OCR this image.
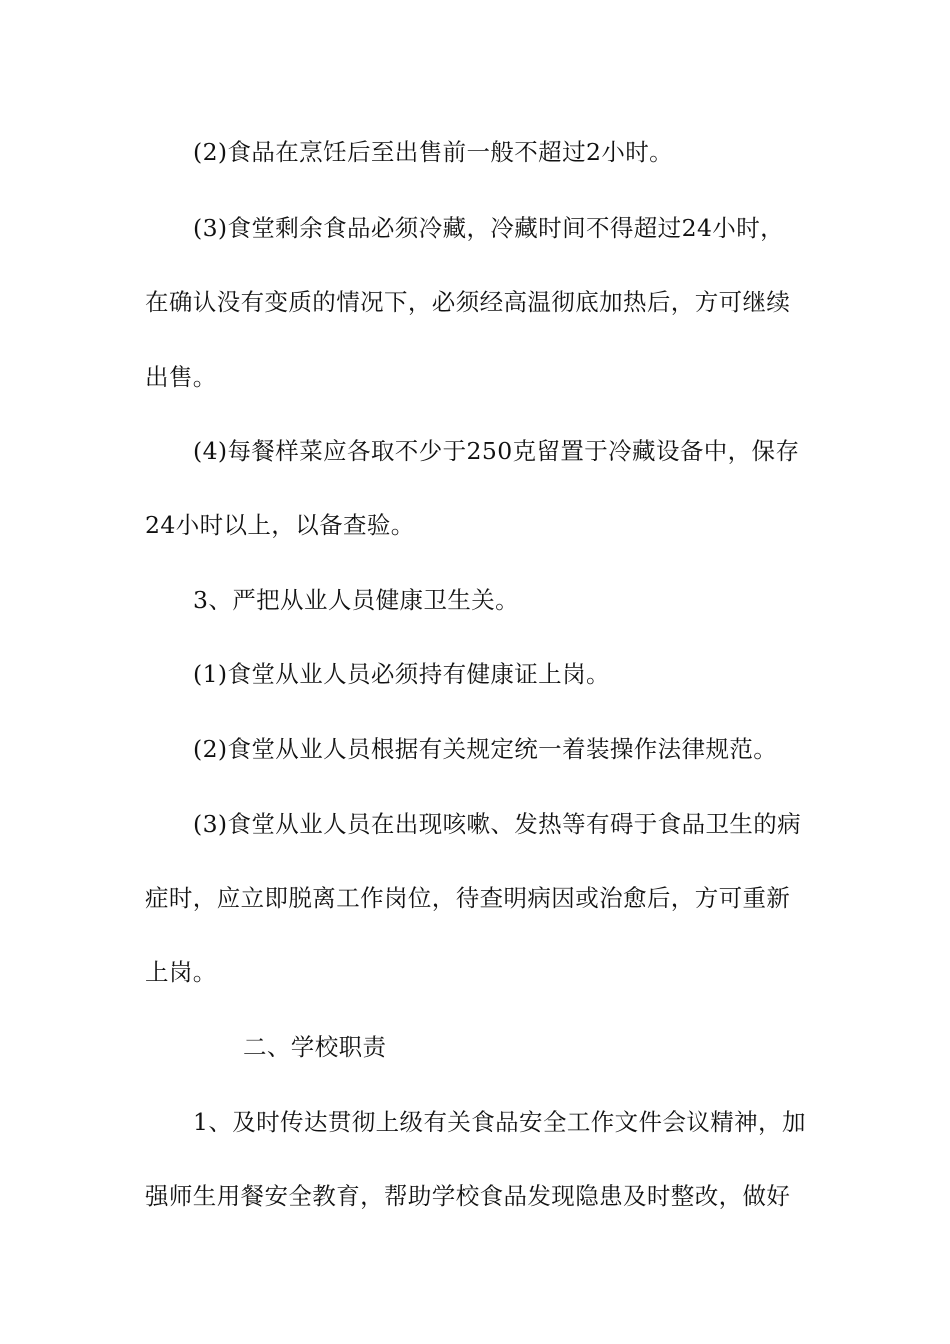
(2)食品在烹饪后至出售前一般不超过2小时。
(3)食堂剩余食品必须冷藏，冷藏时间不得超过24小时，
在确认没有变质的情况下，必须经高温彻底加热后，方可继续
出售。
(4)每餐样菜应各取不少于250克留置于冷藏设备中，保存
24小时以上，以备查验。
3、严把从业人员健康卫生关。
(1)食堂从业人员必须持有健康证上岗。
(2)食堂从业人员根据有关规定统一着装操作法律规范。
(3)食堂从业人员在出现咳嗽、发热等有碍于食品卫生的病
症时，应立即脱离工作岗位，待查明病因或治愈后，方可重新
上岗。
二、学校职责
1、及时传达贯彻上级有关食品安全工作文件会议精神，加
强师生用餐安全教育，帮助学校食品发现隐患及时整改，做好
